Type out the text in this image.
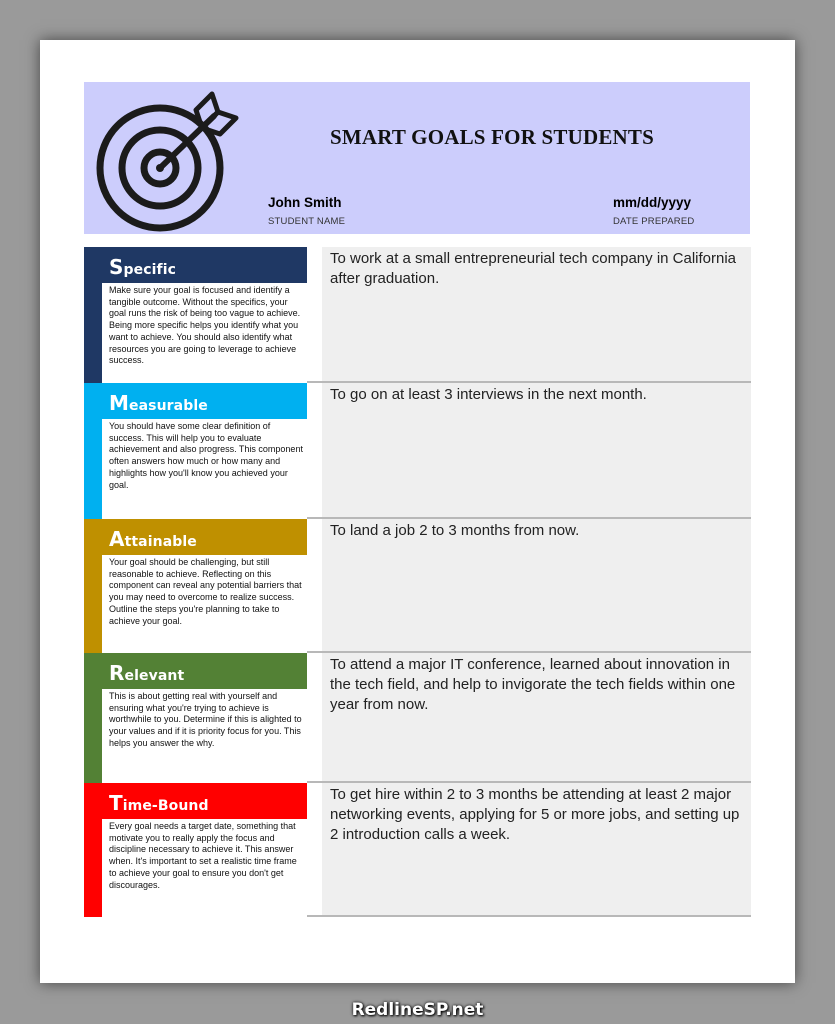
SMART GOALS FOR STUDENTS
John Smith
STUDENT NAME
mm/dd/yyyy
DATE PREPARED
Specific
Make sure your goal is focused and identify a tangible outcome. Without the specifics, your goal runs the risk of being too vague to achieve. Being more specific helps you identify what you want to achieve. You should also identify what resources you are going to leverage to achieve success.
To work at a small entrepreneurial tech company in California after graduation.
Measurable
You should have some clear definition of success. This will help you to evaluate achievement and also progress. This component often answers how much or how many and highlights how you'll know you achieved your goal.
To go on at least 3 interviews in the next month.
Attainable
Your goal should be challenging, but still reasonable to achieve. Reflecting on this component can reveal any potential barriers that you may need to overcome to realize success. Outline the steps you're planning to take to achieve your goal.
To land a job 2 to 3 months from now.
Relevant
This is about getting real with yourself and ensuring what you're trying to achieve is worthwhile to you. Determine if this is alighted to your values and if it is priority focus for you. This helps you answer the why.
To attend a major IT conference, learned about innovation in the tech field, and help to invigorate the tech fields within one year from now.
Time-Bound
Every goal needs a target date, something that motivate you to really apply the focus and discipline necessary to achieve it. This answer when. It's important to set a realistic time frame to achieve your goal to ensure you don't get discourages.
To get hire within 2 to 3 months be attending at least 2 major networking events, applying for 5 or more jobs, and setting up 2 introduction calls a week.
RedlineSP.net
